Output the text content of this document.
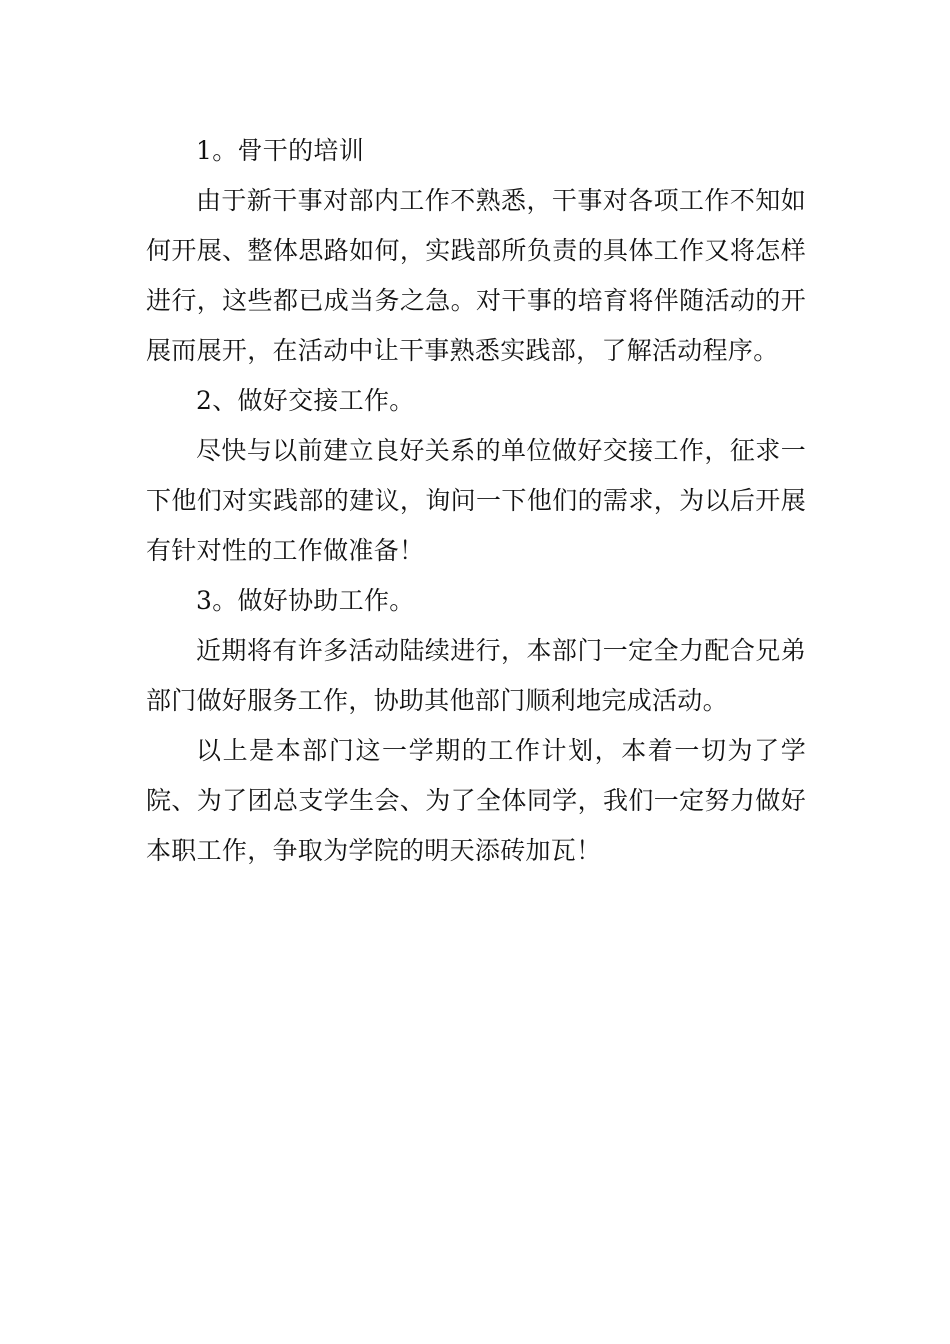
1。骨干的培训

由于新干事对部内工作不熟悉，干事对各项工作不知如何开展、整体思路如何，实践部所负责的具体工作又将怎样进行，这些都已成当务之急。对干事的培育将伴随活动的开展而展开，在活动中让干事熟悉实践部，了解活动程序。

2、做好交接工作。

尽快与以前建立良好关系的单位做好交接工作，征求一下他们对实践部的建议，询问一下他们的需求，为以后开展有针对性的工作做准备！

3。做好协助工作。

近期将有许多活动陆续进行，本部门一定全力配合兄弟部门做好服务工作，协助其他部门顺利地完成活动。

以上是本部门这一学期的工作计划，本着一切为了学院、为了团总支学生会、为了全体同学，我们一定努力做好本职工作，争取为学院的明天添砖加瓦！
